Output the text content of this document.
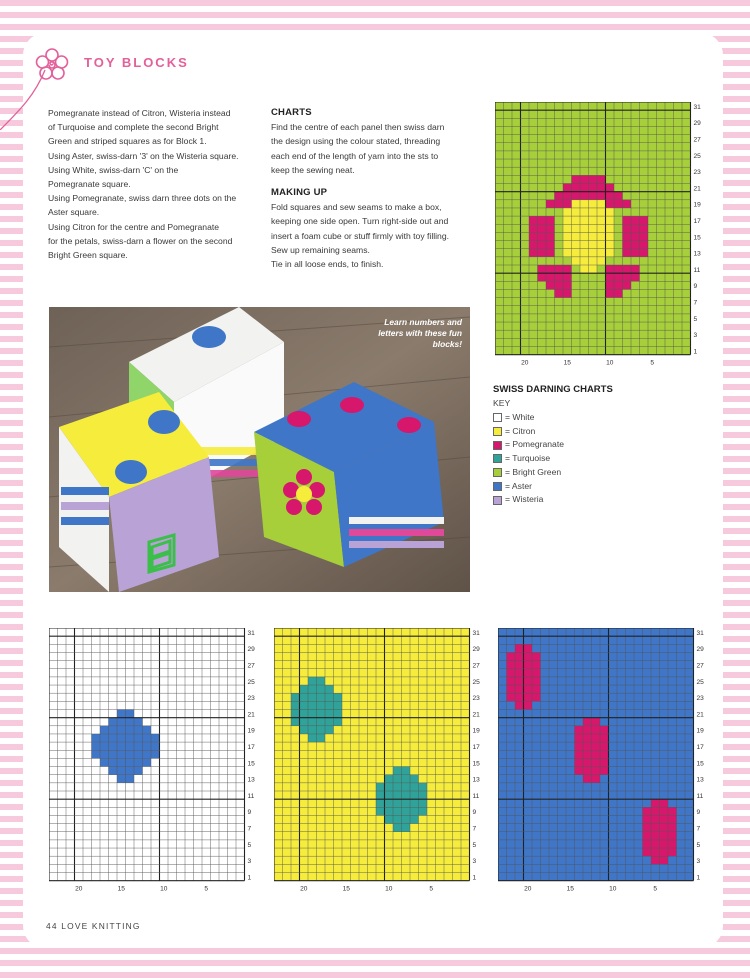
TOY BLOCKS

Pomegranate instead of Citron, Wisteria instead

of Turquoise and complete the second Bright

Green and striped squares as for Block 1.

Using Aster, swiss-darn '3' on the Wisteria square.

Using White, swiss-darn 'C' on the

Pomegranate square.

Using Pomegranate, swiss darn three dots on the

Aster square.

Using Citron for the centre and Pomegranate

for the petals, swiss-darn a flower on the second

Bright Green square.

CHARTS

Find the centre of each panel then swiss darn

the design using the colour stated, threading

each end of the length of yarn into the sts to

keep the sewing neat.

MAKING UP

Fold squares and sew seams to make a box,

keeping one side open. Turn right-side out and

insert a foam cube or stuff firmly with toy filling.

Sew up remaining seams.

Tie in all loose ends, to finish.

Learn numbers and letters with these fun blocks!
31
29
27
25
23
21
19
17
15
13
11
9
7
5
3
1
20	15	10	5
31
29
27
25
23
21
19
17
15
13
11
9
7
5
3
1
20	15	10	5
31
29
27
25
23
21
19
17
15
13
11
9
7
5
3
1
20	15	10	5
31
29
27
25
23
21
19
17
15
13
11
9
7
5
3
1
20	15	10	5
SWISS DARNING CHARTS
KEY
= White
= Citron
= Pomegranate
= Turquoise
= Bright Green
= Aster
= Wisteria
44 LOVE KNITTING
